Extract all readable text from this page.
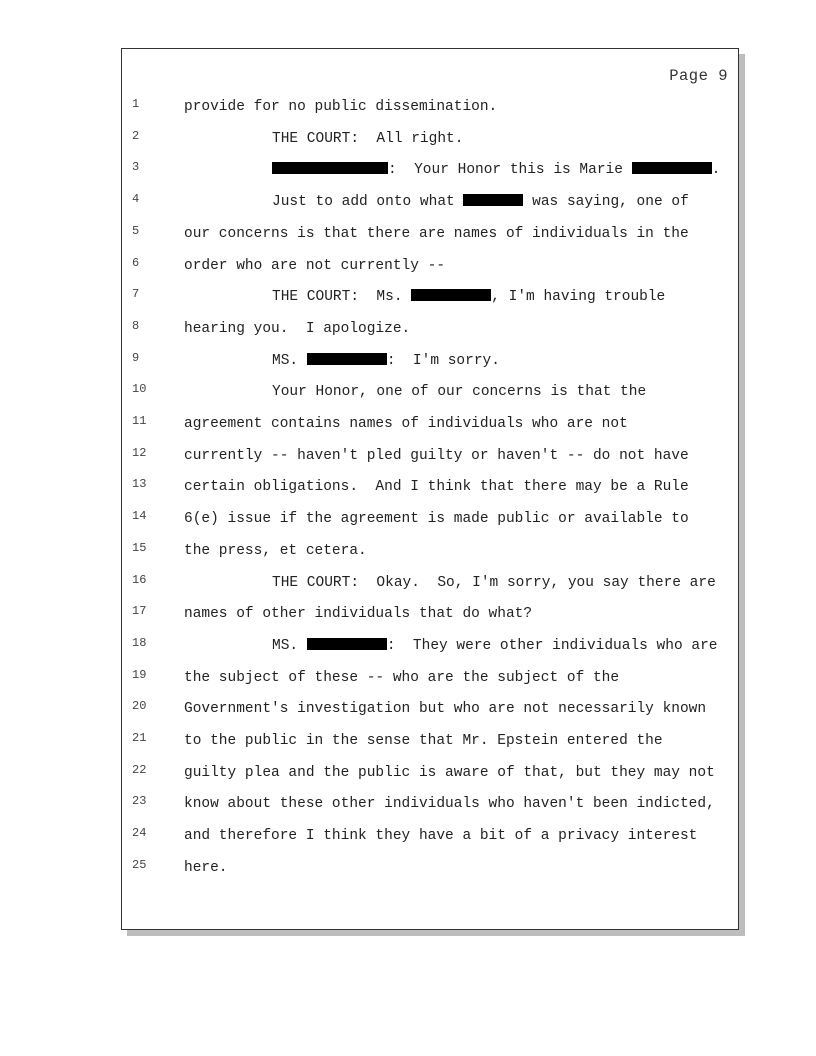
Page 9
1	provide for no public dissemination.
2	THE COURT:  All right.
3	:  Your Honor this is Marie	.
4	Just to add onto what	was saying, one of
5	our concerns is that there are names of individuals in the
6	order who are not currently --
7	THE COURT:  Ms.	, I'm having trouble
8	hearing you.  I apologize.
9	MS.	:  I'm sorry.
10	Your Honor, one of our concerns is that the
11	agreement contains names of individuals who are not
12	currently -- haven't pled guilty or haven't -- do not have
13	certain obligations.  And I think that there may be a Rule
14	6(e) issue if the agreement is made public or available to
15	the press, et cetera.
16	THE COURT:  Okay.  So, I'm sorry, you say there are
17	names of other individuals that do what?
18	MS.	:  They were other individuals who are
19	the subject of these -- who are the subject of the
20	Government's investigation but who are not necessarily known
21	to the public in the sense that Mr. Epstein entered the
22	guilty plea and the public is aware of that, but they may not
23	know about these other individuals who haven't been indicted,
24	and therefore I think they have a bit of a privacy interest
25	here.
